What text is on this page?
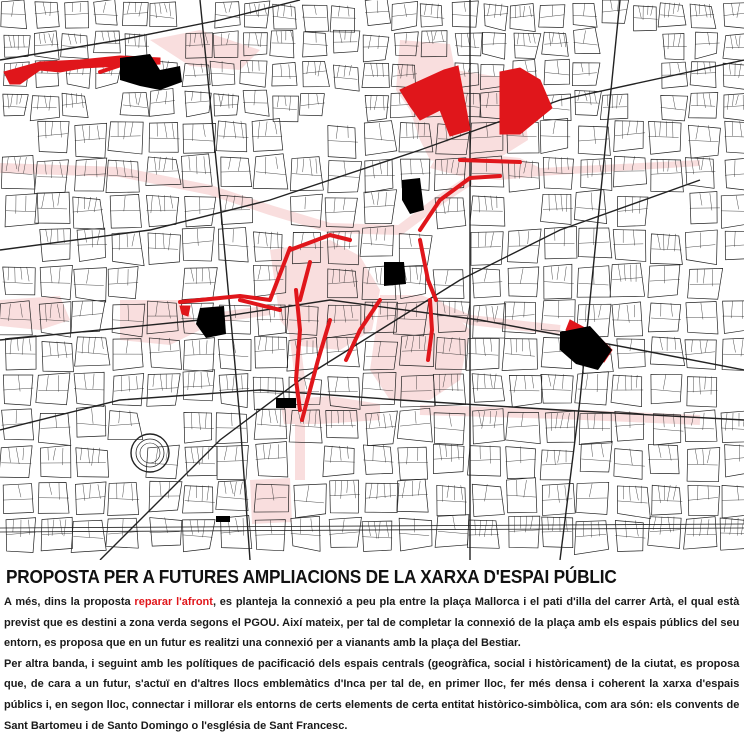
PROPOSTA PER A FUTURES AMPLIACIONS DE LA XARXA D'ESPAI PÚBLIC

A més, dins la proposta reparar l'afront, es planteja la connexió a peu pla entre la plaça Mallorca i el pati d'illa del carrer Artà, el qual està previst que es destini a zona verda segons el PGOU. Així mateix, per tal de completar la connexió de la plaça amb els espais públics del seu entorn, es proposa que en un futur es realitzi una connexió per a vianants amb la plaça del Bestiar.

Per altra banda, i seguint amb les polítiques de pacificació dels espais centrals (geogràfica, social i històricament) de la ciutat, es proposa que, de cara a un futur, s'actuï en d'altres llocs emblemàtics d'Inca per tal de, en primer lloc, fer més densa i coherent la xarxa d'espais públics i, en segon lloc, connectar i millorar els entorns de certs elements de certa entitat històrico-simbòlica, com ara són: els convents de Sant Bartomeu i de Santo Domingo o l'església de Sant Francesc.
